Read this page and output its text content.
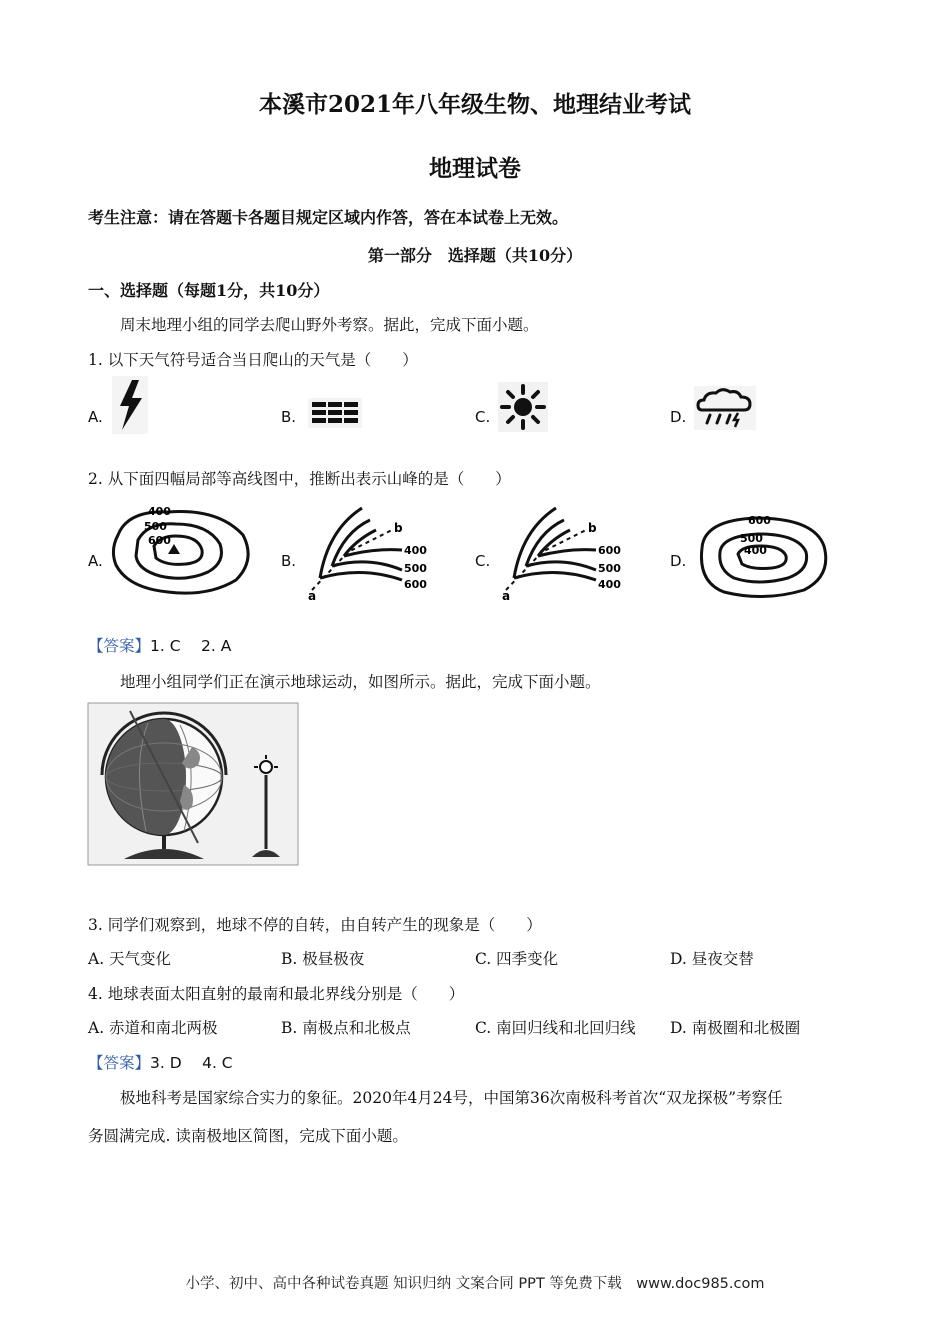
本溪市2021年八年级生物、地理结业考试
地理试卷
考生注意：请在答题卡各题目规定区域内作答，答在本试卷上无效。
第一部分　选择题（共10分）
一、选择题（每题1分，共10分）
周末地理小组的同学去爬山野外考察。据此，完成下面小题。
1. 以下天气符号适合当日爬山的天气是（　　）
A.	B.	C.	D.
2. 从下面四幅局部等高线图中，推断出表示山峰的是（　　）
A.	B.	C.	D.
400
500
600
b
400
500
600
a
b
600
500
400
a
600
500
400
【答案】1. C　 2. A
地理小组同学们正在演示地球运动，如图所示。据此，完成下面小题。
3. 同学们观察到，地球不停的自转，由自转产生的现象是（　　）
A. 天气变化	B. 极昼极夜	C. 四季变化	D. 昼夜交替
4. 地球表面太阳直射的最南和最北界线分别是（　　）
A. 赤道和南北两极	B. 南极点和北极点	C. 南回归线和北回归线 D. 南极圈和北极圈
【答案】3. D　 4. C
极地科考是国家综合实力的象征。2020年4月24号，中国第36次南极科考首次“双龙探极”考察任
务圆满完成. 读南极地区简图，完成下面小题。
小学、初中、高中各种试卷真题 知识归纳 文案合同 PPT 等免费下载　www.doc985.com
